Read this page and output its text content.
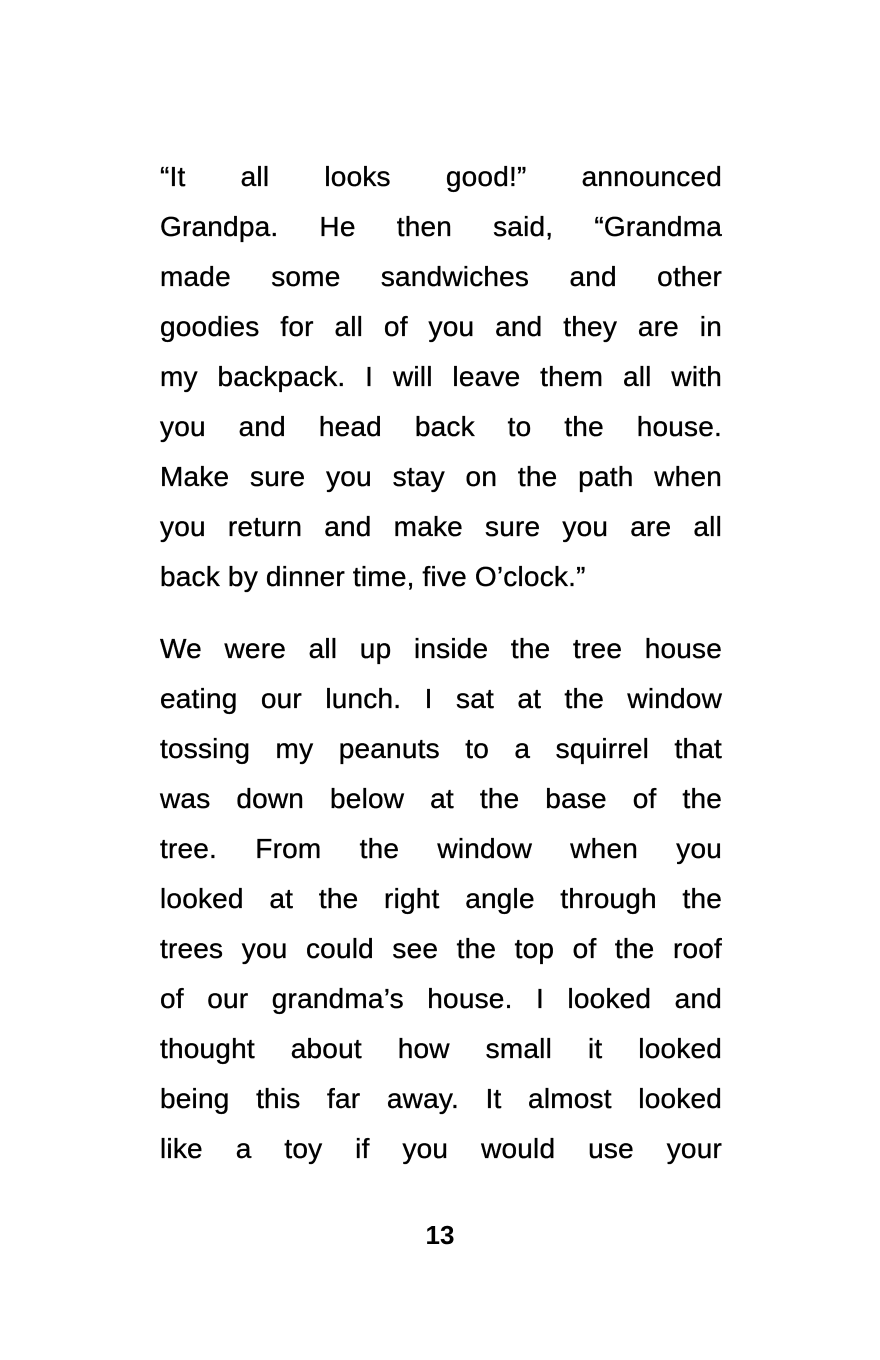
“It all looks good!” announced
Grandpa. He then said, “Grandma
made some sandwiches and other
goodies for all of you and they are in
my backpack. I will leave them all with
you and head back to the house.
Make sure you stay on the path when
you return and make sure you are all
back by dinner time, five O’clock.”
We were all up inside the tree house
eating our lunch. I sat at the window
tossing my peanuts to a squirrel that
was down below at the base of the
tree. From the window when you
looked at the right angle through the
trees you could see the top of the roof
of our grandma’s house. I looked and
thought about how small it looked
being this far away. It almost looked
like a toy if you would use your
13
